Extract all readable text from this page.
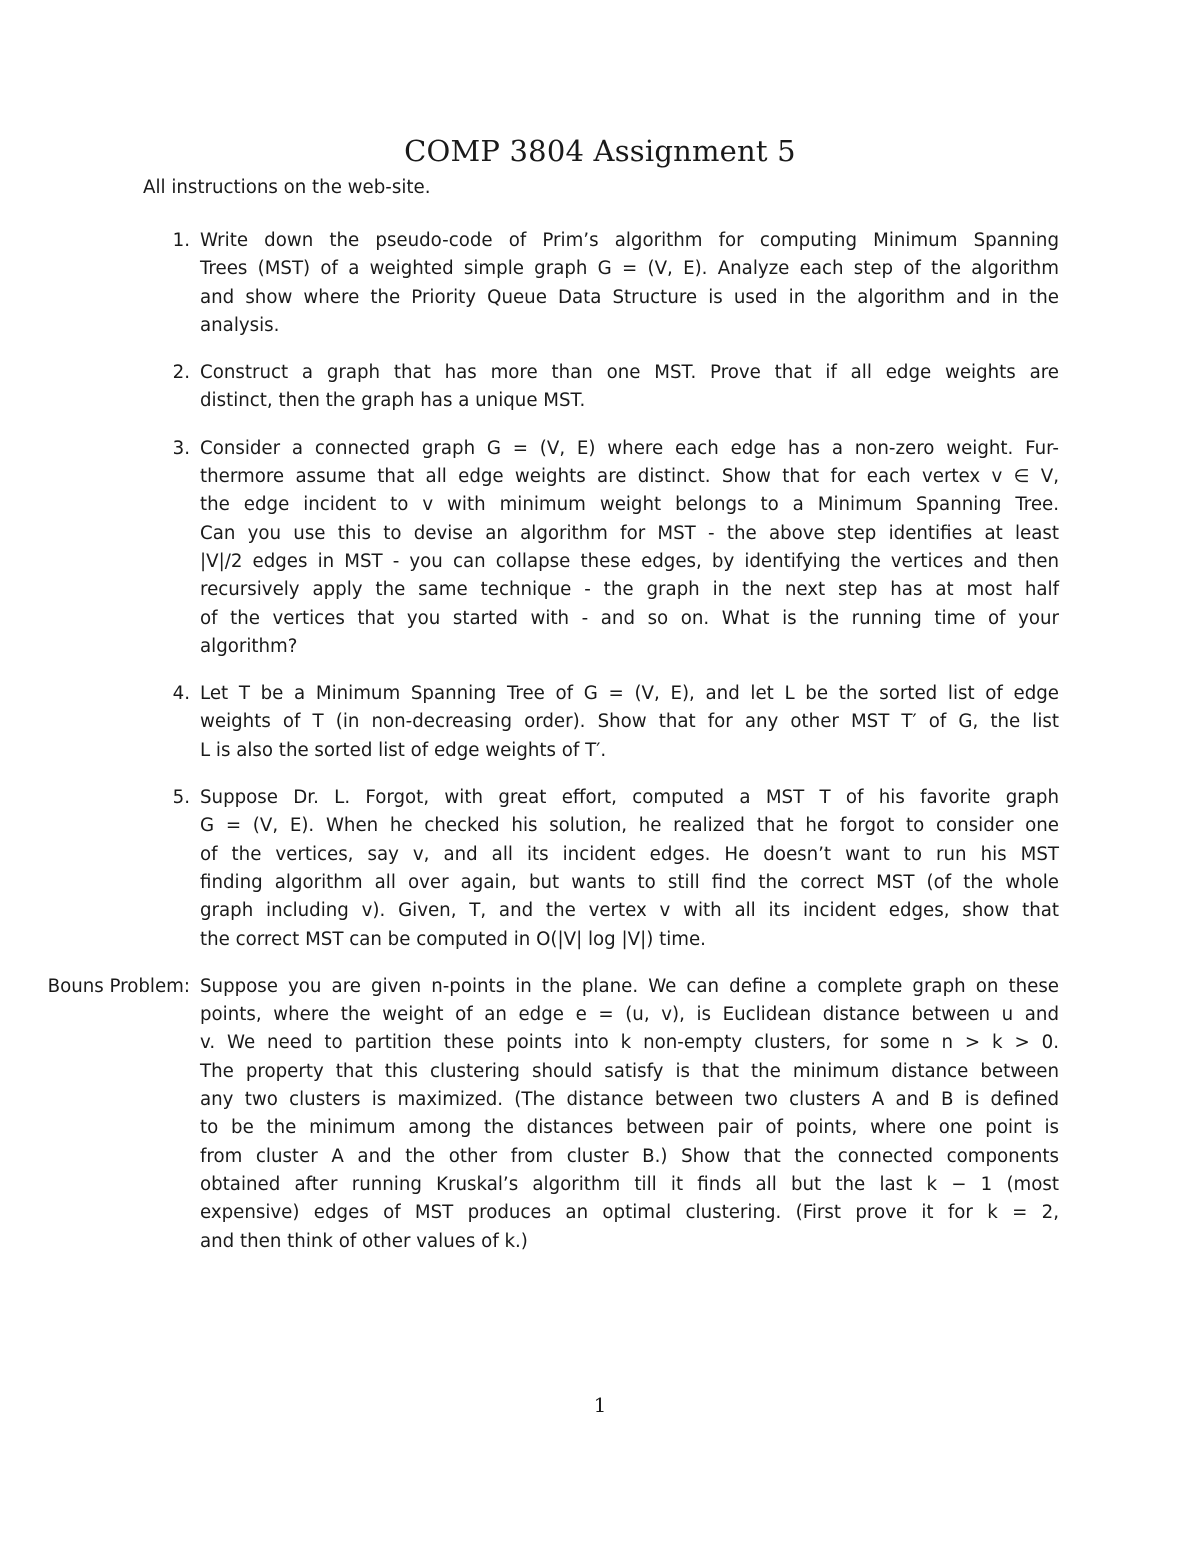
COMP 3804 Assignment 5
All instructions on the web-site.
1. Write down the pseudo-code of Prim’s algorithm for computing Minimum Spanning
Trees (MST) of a weighted simple graph G = (V, E). Analyze each step of the algorithm
and show where the Priority Queue Data Structure is used in the algorithm and in the
analysis.
2. Construct a graph that has more than one MST. Prove that if all edge weights are
distinct, then the graph has a unique MST.
3. Consider a connected graph G = (V, E) where each edge has a non-zero weight. Fur-
thermore assume that all edge weights are distinct. Show that for each vertex v ∈ V,
the edge incident to v with minimum weight belongs to a Minimum Spanning Tree.
Can you use this to devise an algorithm for MST - the above step identifies at least
|V|/2 edges in MST - you can collapse these edges, by identifying the vertices and then
recursively apply the same technique - the graph in the next step has at most half
of the vertices that you started with - and so on. What is the running time of your
algorithm?
4. Let T be a Minimum Spanning Tree of G = (V, E), and let L be the sorted list of edge
weights of T (in non-decreasing order). Show that for any other MST T′ of G, the list
L is also the sorted list of edge weights of T′.
5. Suppose Dr. L. Forgot, with great effort, computed a MST T of his favorite graph
G = (V, E). When he checked his solution, he realized that he forgot to consider one
of the vertices, say v, and all its incident edges. He doesn’t want to run his MST
finding algorithm all over again, but wants to still find the correct MST (of the whole
graph including v). Given, T, and the vertex v with all its incident edges, show that
the correct MST can be computed in O(|V| log |V|) time.
Bouns Problem: Suppose you are given n-points in the plane. We can define a complete graph on these
points, where the weight of an edge e = (u, v), is Euclidean distance between u and
v. We need to partition these points into k non-empty clusters, for some n > k > 0.
The property that this clustering should satisfy is that the minimum distance between
any two clusters is maximized. (The distance between two clusters A and B is defined
to be the minimum among the distances between pair of points, where one point is
from cluster A and the other from cluster B.) Show that the connected components
obtained after running Kruskal’s algorithm till it finds all but the last k − 1 (most
expensive) edges of MST produces an optimal clustering. (First prove it for k = 2,
and then think of other values of k.)
1
